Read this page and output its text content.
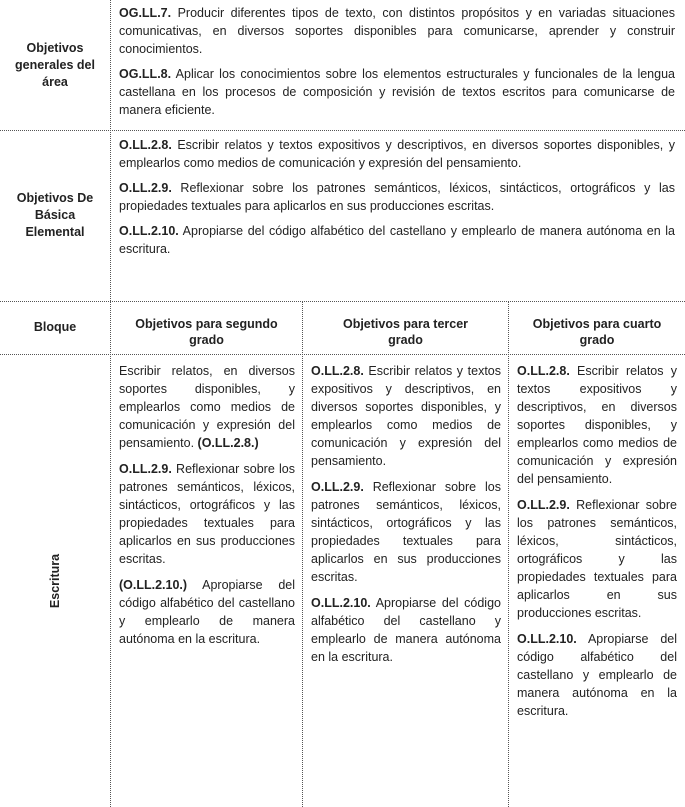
Objetivos generales del área

OG.LL.7. Producir diferentes tipos de texto, con distintos propósitos y en variadas situaciones comunicativas, en diversos soportes disponibles para comunicarse, aprender y construir conocimientos.

OG.LL.8. Aplicar los conocimientos sobre los elementos estructurales y funcionales de la lengua castellana en los procesos de composición y revisión de textos escritos para comunicarse de manera eficiente.

Objetivos De Básica Elemental

O.LL.2.8. Escribir relatos y textos expositivos y descriptivos, en diversos soportes disponibles, y emplearlos como medios de comunicación y expresión del pensamiento.

O.LL.2.9. Reflexionar sobre los patrones semánticos, léxicos, sintácticos, ortográficos y las propiedades textuales para aplicarlos en sus producciones escritas.

O.LL.2.10. Apropiarse del código alfabético del castellano y emplearlo de manera autónoma en la escritura.

Bloque	Objetivos para segundo grado
Objetivos para tercer grado
Objetivos para cuarto grado
Escritura

Escribir relatos, en diversos soportes disponibles, y emplearlos como medios de comunicación y expresión del pensamiento. (O.LL.2.8.)

O.LL.2.9. Reflexionar sobre los patrones semánticos, léxicos, sintácticos, ortográficos y las propiedades textuales para aplicarlos en sus producciones escritas.

(O.LL.2.10.) Apropiarse del código alfabético del castellano y emplearlo de manera autónoma en la escritura.

O.LL.2.8. Escribir relatos y textos expositivos y descriptivos, en diversos soportes disponibles, y emplearlos como medios de comunicación y expresión del pensamiento.

O.LL.2.9. Reflexionar sobre los patrones semánticos, léxicos, sintácticos, ortográficos y las propiedades textuales para aplicarlos en sus producciones escritas.

O.LL.2.10. Apropiarse del código alfabético del castellano y emplearlo de manera autónoma en la escritura.

O.LL.2.8. Escribir relatos y textos expositivos y descriptivos, en diversos soportes disponibles, y emplearlos como medios de comunicación y expresión del pensamiento.

O.LL.2.9. Reflexionar sobre los patrones semánticos, léxicos, sintácticos, ortográficos y las propiedades textuales para aplicarlos en sus producciones escritas.

O.LL.2.10. Apropiarse del código alfabético del castellano y emplearlo de manera autónoma en la escritura.
